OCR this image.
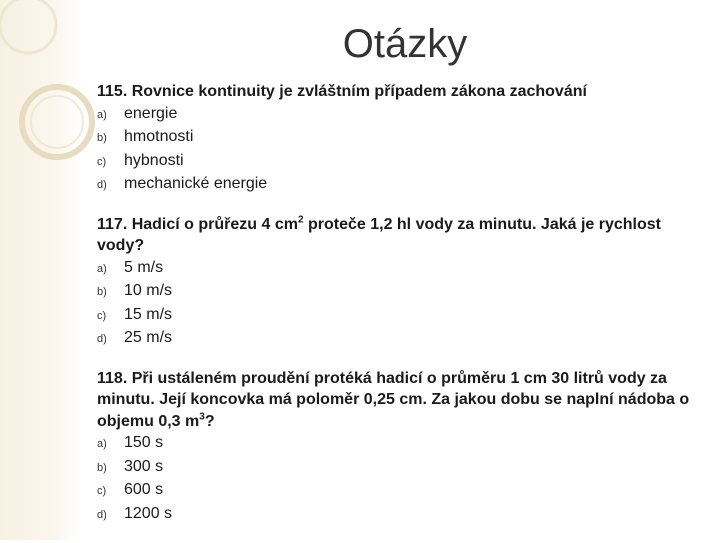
Otázky
115. Rovnice kontinuity je zvláštním případem zákona zachování
a)	energie
b)	hmotnosti
c)	hybnosti
d)	mechanické energie
117. Hadicí o průřezu 4 $cm^2$ proteče 1,2 hl vody za minutu. Jaká je rychlost vody?
a)	5 m/s
b)	10 m/s
c)	15 m/s
d)	25 m/s
118. Při ustáleném proudění protéká hadicí o průměru 1 cm 30 litrů vody za minutu. Její koncovka má poloměr 0,25 cm. Za jakou dobu se naplní nádoba o objemu 0,3 $m^3$?
a)	150 s
b)	300 s
c)	600 s
d)	1200 s
